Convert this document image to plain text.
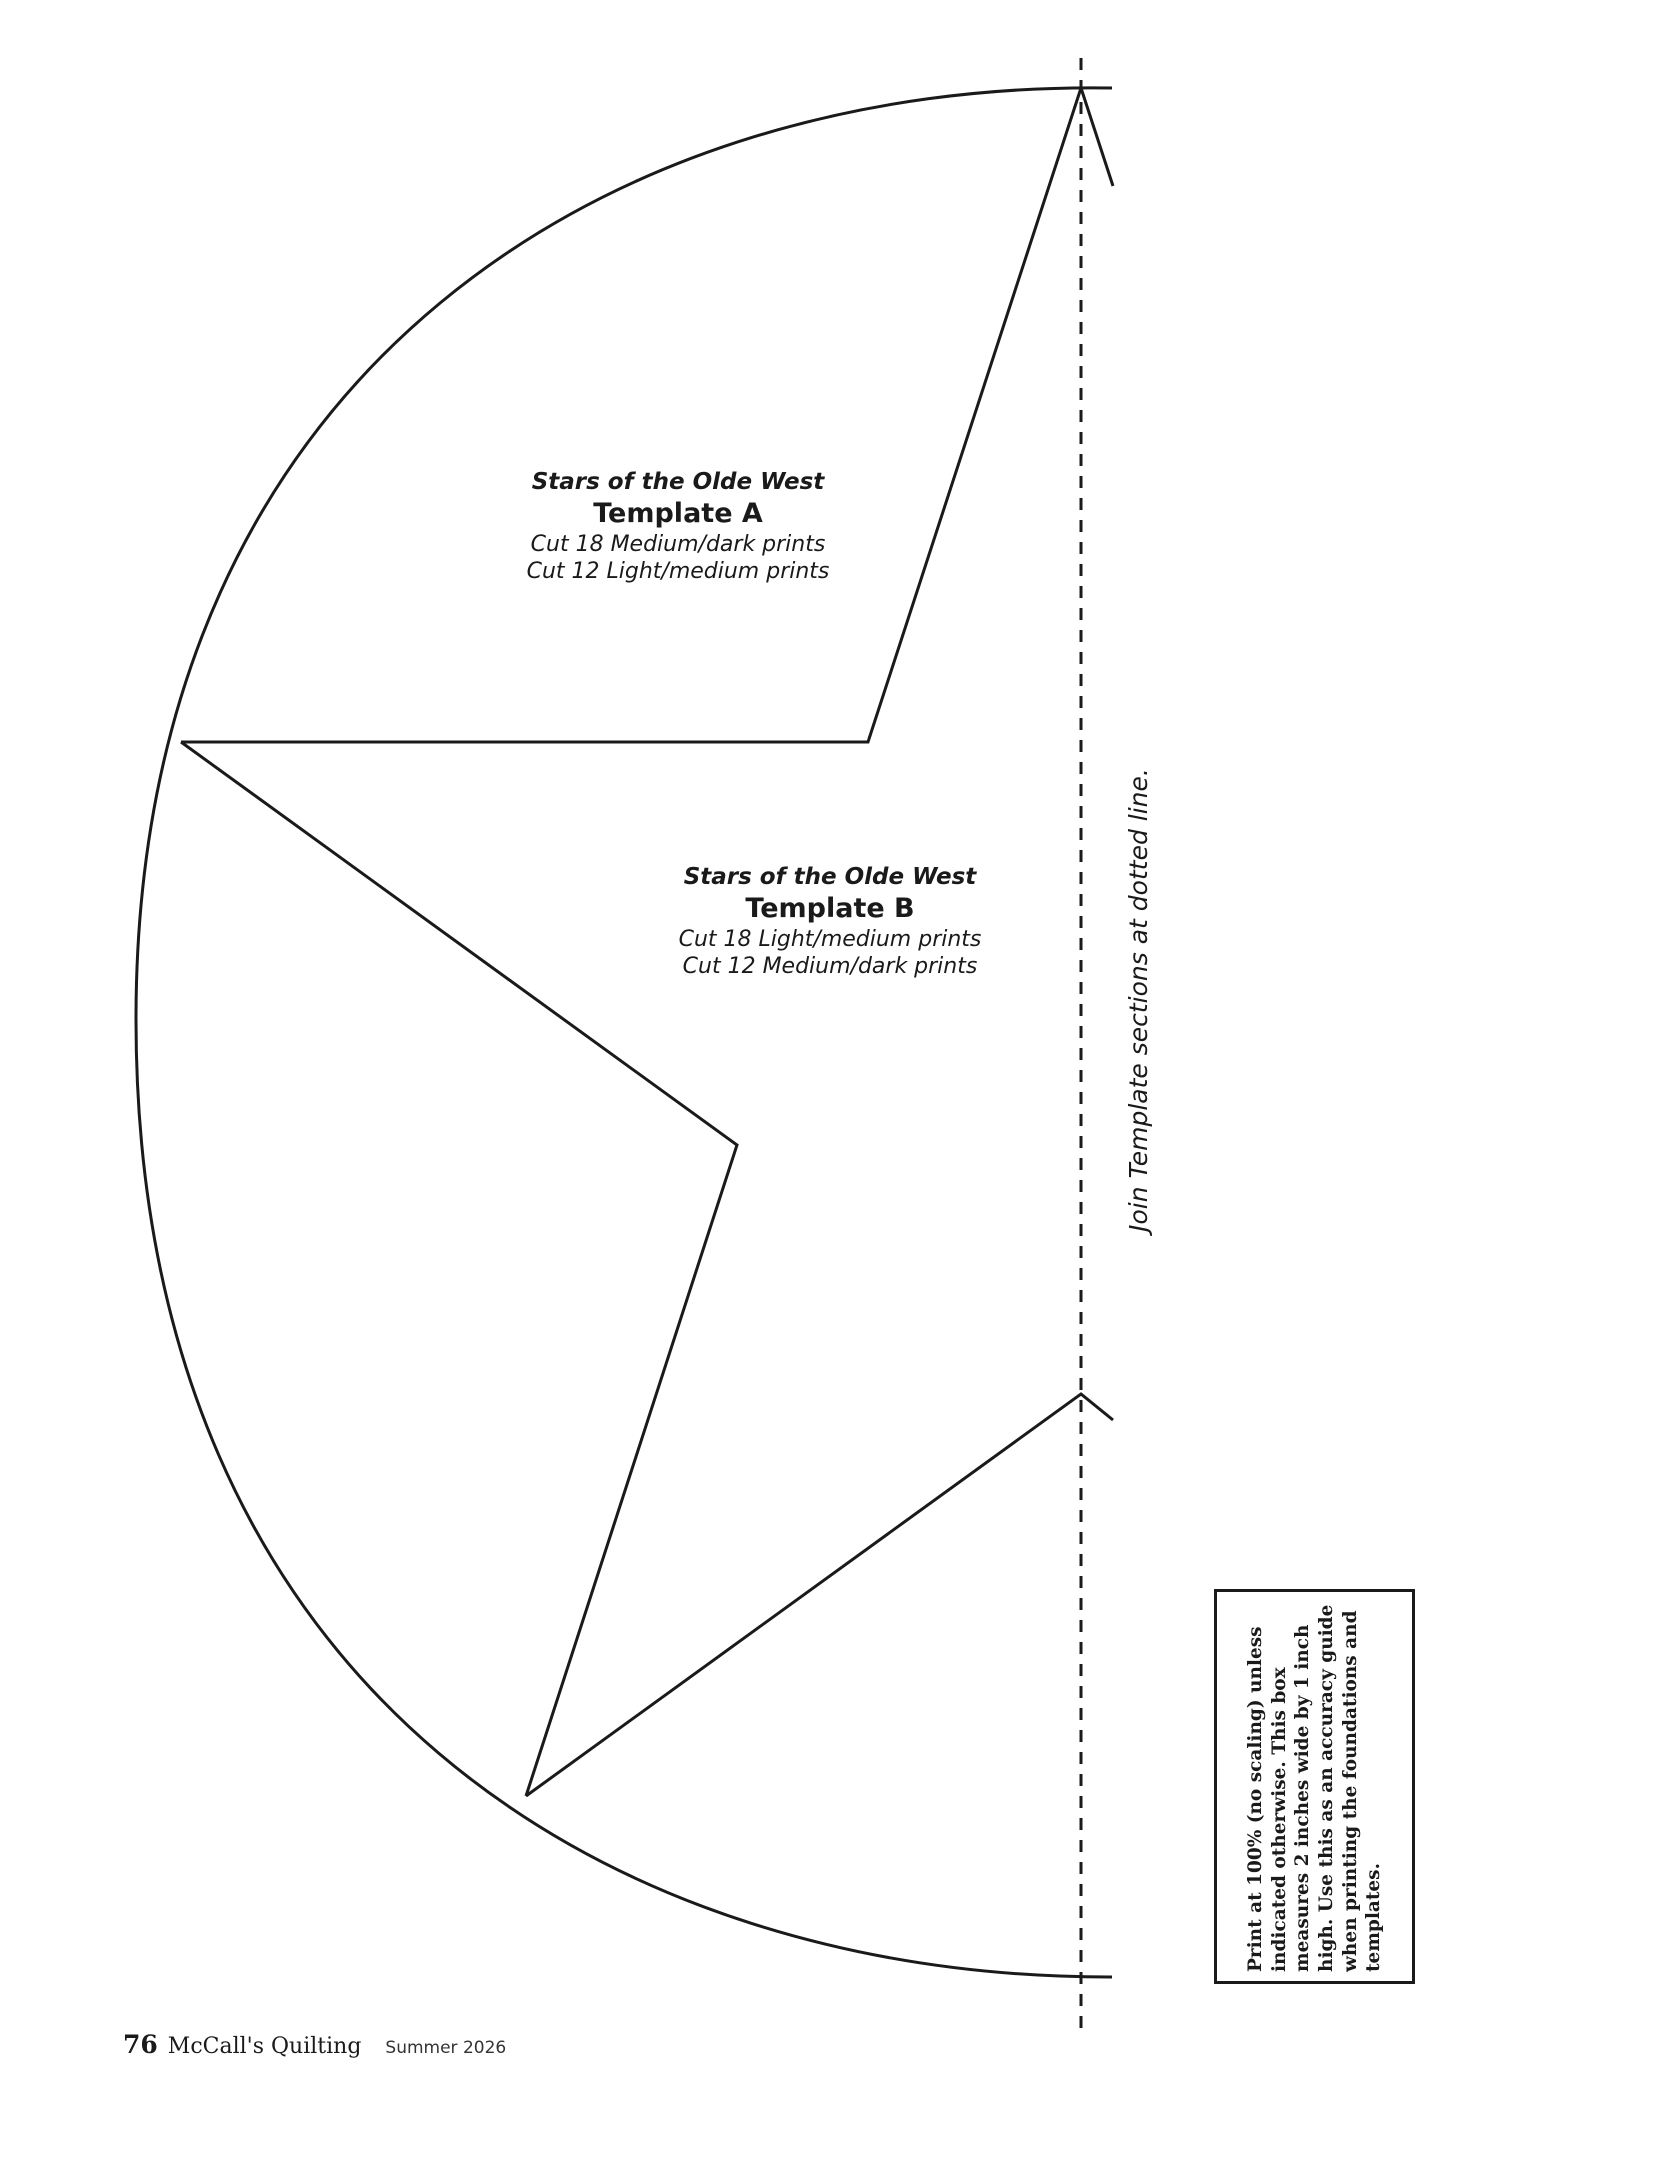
Stars of the Olde West
Template A
Cut 18 Medium/dark prints
Cut 12 Light/medium prints
Stars of the Olde West
Template B
Cut 18 Light/medium prints
Cut 12 Medium/dark prints	Join Template sections at dotted line.
Print at 100% (no scaling) unless indicated otherwise. This box measures 2 inches wide by 1 inch high. Use this as an accuracy guide when printing the foundations and templates.
76 McCall's Quilting Summer 2026
